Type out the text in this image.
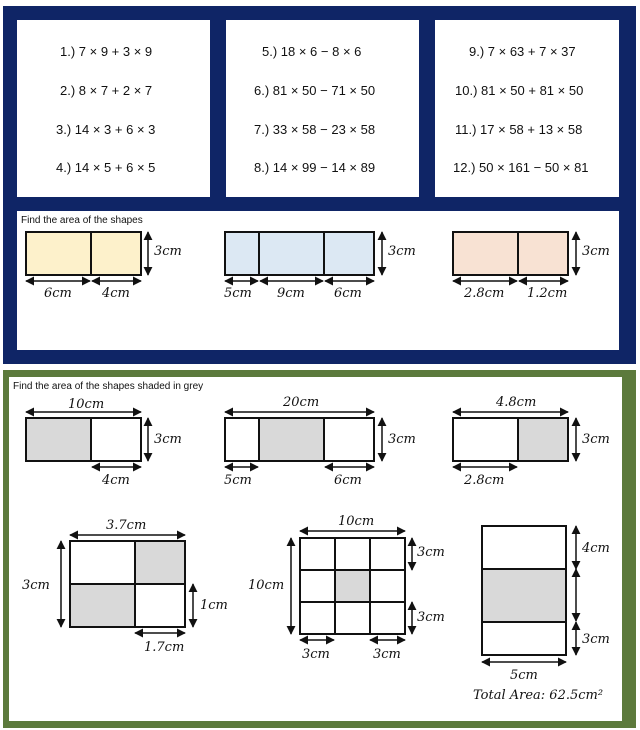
1.) 7 × 9 + 3 × 9
2.) 8 × 7 + 2 × 7
3.) 14 × 3 + 6 × 3
4.) 14 × 5 + 6 × 5
5.) 18 × 6 − 8 × 6
6.) 81 × 50 − 71 × 50
7.) 33 × 58 − 23 × 58
8.) 14 × 99 − 14 × 89
9.) 7 × 63 + 7 × 37
10.) 81 × 50 + 81 × 50
11.) 17 × 58 + 13 × 58
12.) 50 × 161 − 50 × 81
Find the area of the shapes
3cm
6cm 4cm
3cm
5cm 9cm 6cm
3cm
2.8cm 1.2cm
Find the area of the shapes shaded in grey
10cm
3cm
4cm
20cm
3cm
5cm	6cm
4.8cm
3cm
2.8cm
3.7cm
3cm
1cm
1.7cm
10cm
10cm
3cm
3cm
3cm	3cm
4cm
3cm
5cm
Total Area: 62.5cm²
